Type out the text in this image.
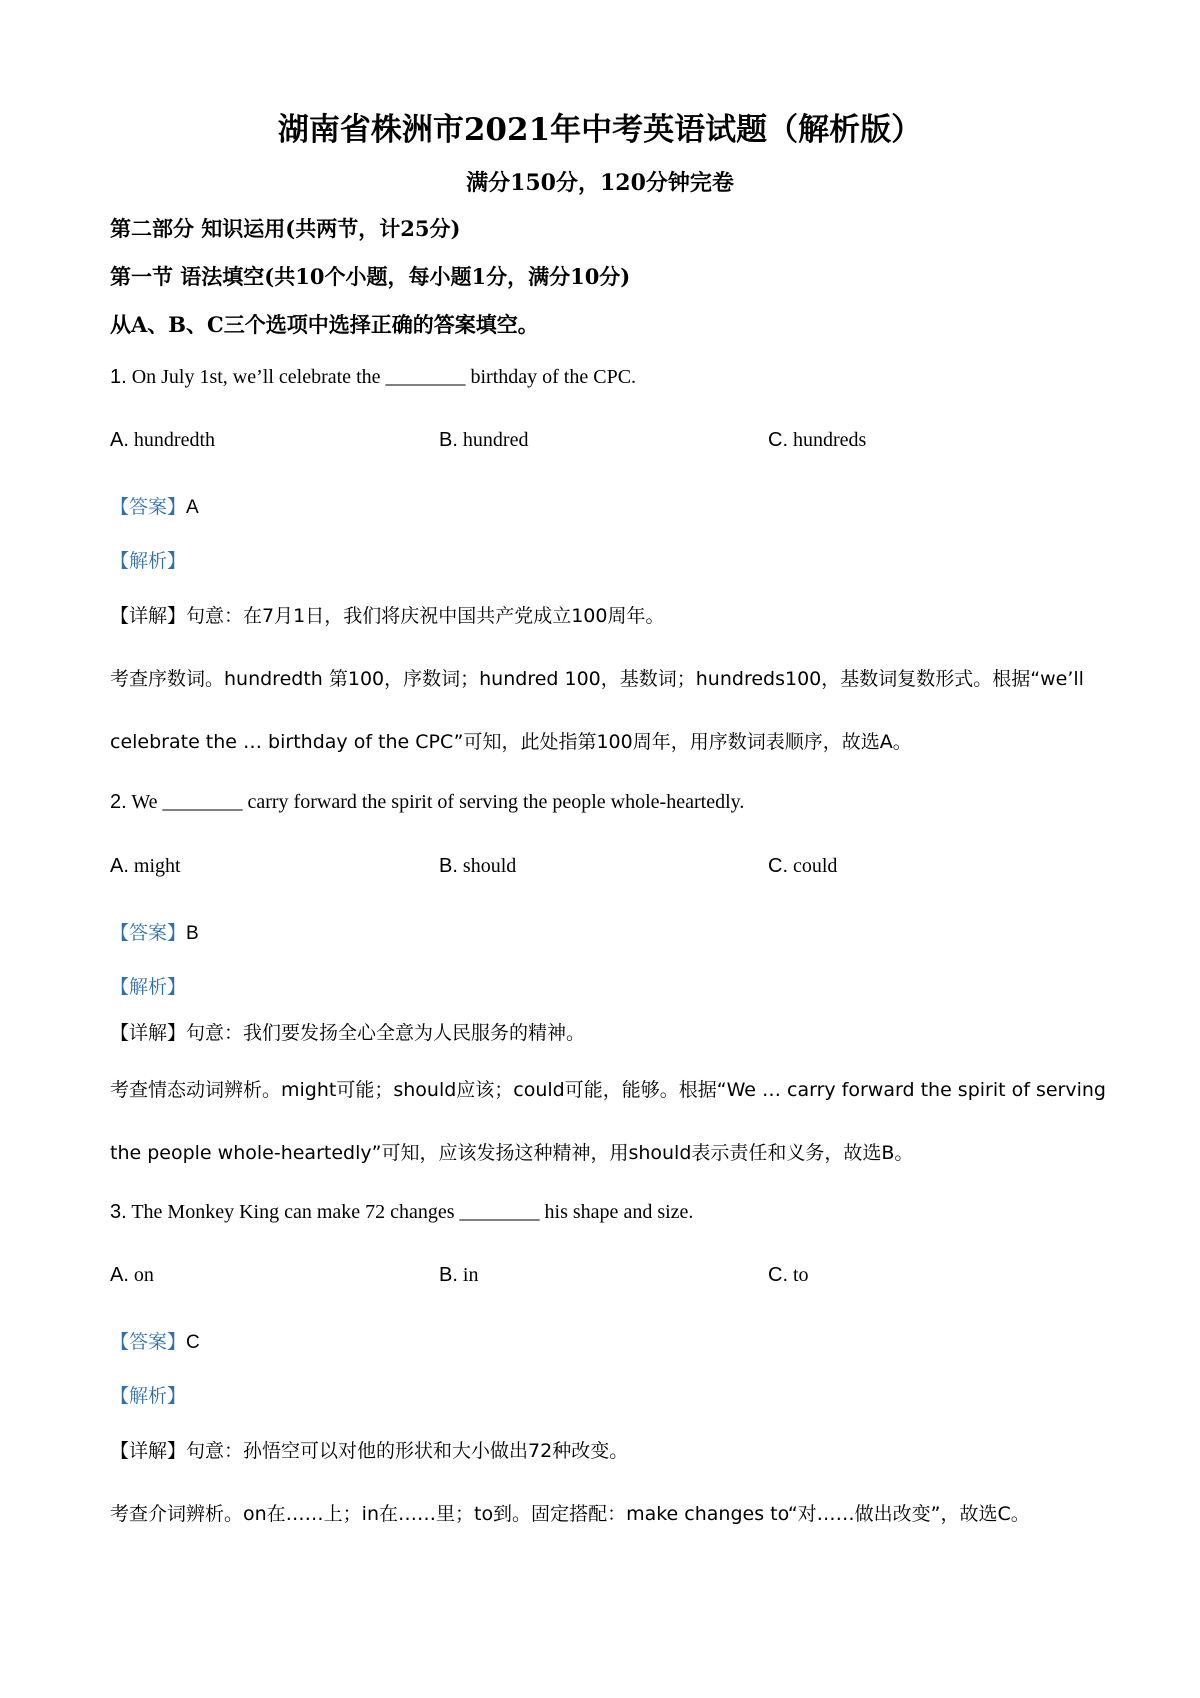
湖南省株洲市2021年中考英语试题（解析版）
满分150分，120分钟完卷
第二部分 知识运用(共两节，计25分)
第一节 语法填空(共10个小题，每小题1分，满分10分)
从A、B、C三个选项中选择正确的答案填空。
1. On July 1st, we’ll celebrate the ________ birthday of the CPC.
A. hundredth	B. hundred	C. hundreds
【答案】A
【解析】
【详解】句意：在7月1日，我们将庆祝中国共产党成立100周年。
考查序数词。hundredth 第100，序数词；hundred 100，基数词；hundreds100，基数词复数形式。根据“we’ll
celebrate the … birthday of the CPC”可知，此处指第100周年，用序数词表顺序，故选A。
2. We ________ carry forward the spirit of serving the people whole-heartedly.
A. might	B. should	C. could
【答案】B
【解析】
【详解】句意：我们要发扬全心全意为人民服务的精神。
考查情态动词辨析。might可能；should应该；could可能，能够。根据“We … carry forward the spirit of serving
the people whole-heartedly”可知，应该发扬这种精神，用should表示责任和义务，故选B。
3. The Monkey King can make 72 changes ________ his shape and size.
A. on	B. in	C. to
【答案】C
【解析】
【详解】句意：孙悟空可以对他的形状和大小做出72种改变。
考查介词辨析。on在……上；in在……里；to到。固定搭配：make changes to“对……做出改变”，故选C。
